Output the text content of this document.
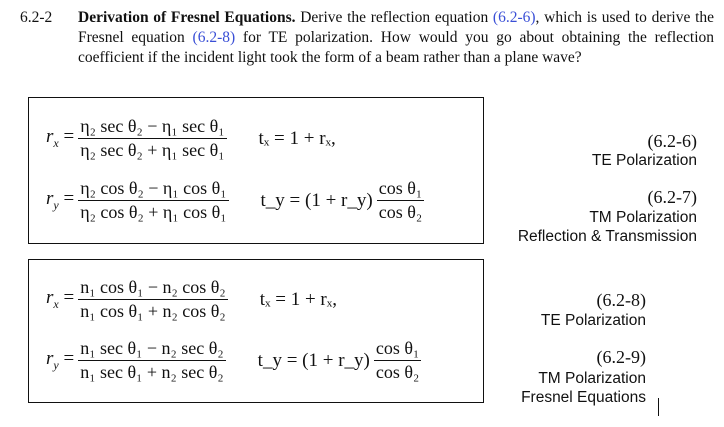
6.2-2 Derivation of Fresnel Equations. Derive the reflection equation (6.2-6), which is used to derive the Fresnel equation (6.2-8) for TE polarization. How would you go about obtaining the reflection coefficient if the incident light took the form of a beam rather than a plane wave?
$r_x = \frac{\text{η₂ sec θ₂ − η₁ sec θ₁}}{\text{η₂ sec θ₂ + η₁ sec θ₁}}$ tₓ = 1 + rₓ,
$r_y = \frac{\text{η₂ cos θ₂ − η₁ cos θ₁}}{\text{η₂ cos θ₂ + η₁ cos θ₁}}$ t_y = (1 + r_y) $\frac{\text{cos θ₁}}{\text{cos θ₂}}$
(6.2-6)
TE Polarization
(6.2-7)
TM Polarization
Reflection & Transmission
$r_x = \frac{\text{n₁ cos θ₁ − n₂ cos θ₂}}{\text{n₁ cos θ₁ + n₂ cos θ₂}}$ tₓ = 1 + rₓ,
$r_y = \frac{\text{n₁ sec θ₁ − n₂ sec θ₂}}{\text{n₁ sec θ₁ + n₂ sec θ₂}}$ t_y = (1 + r_y) $\frac{\text{cos θ₁}}{\text{cos θ₂}}$
(6.2-8)
TE Polarization
(6.2-9)
TM Polarization
Fresnel Equations
